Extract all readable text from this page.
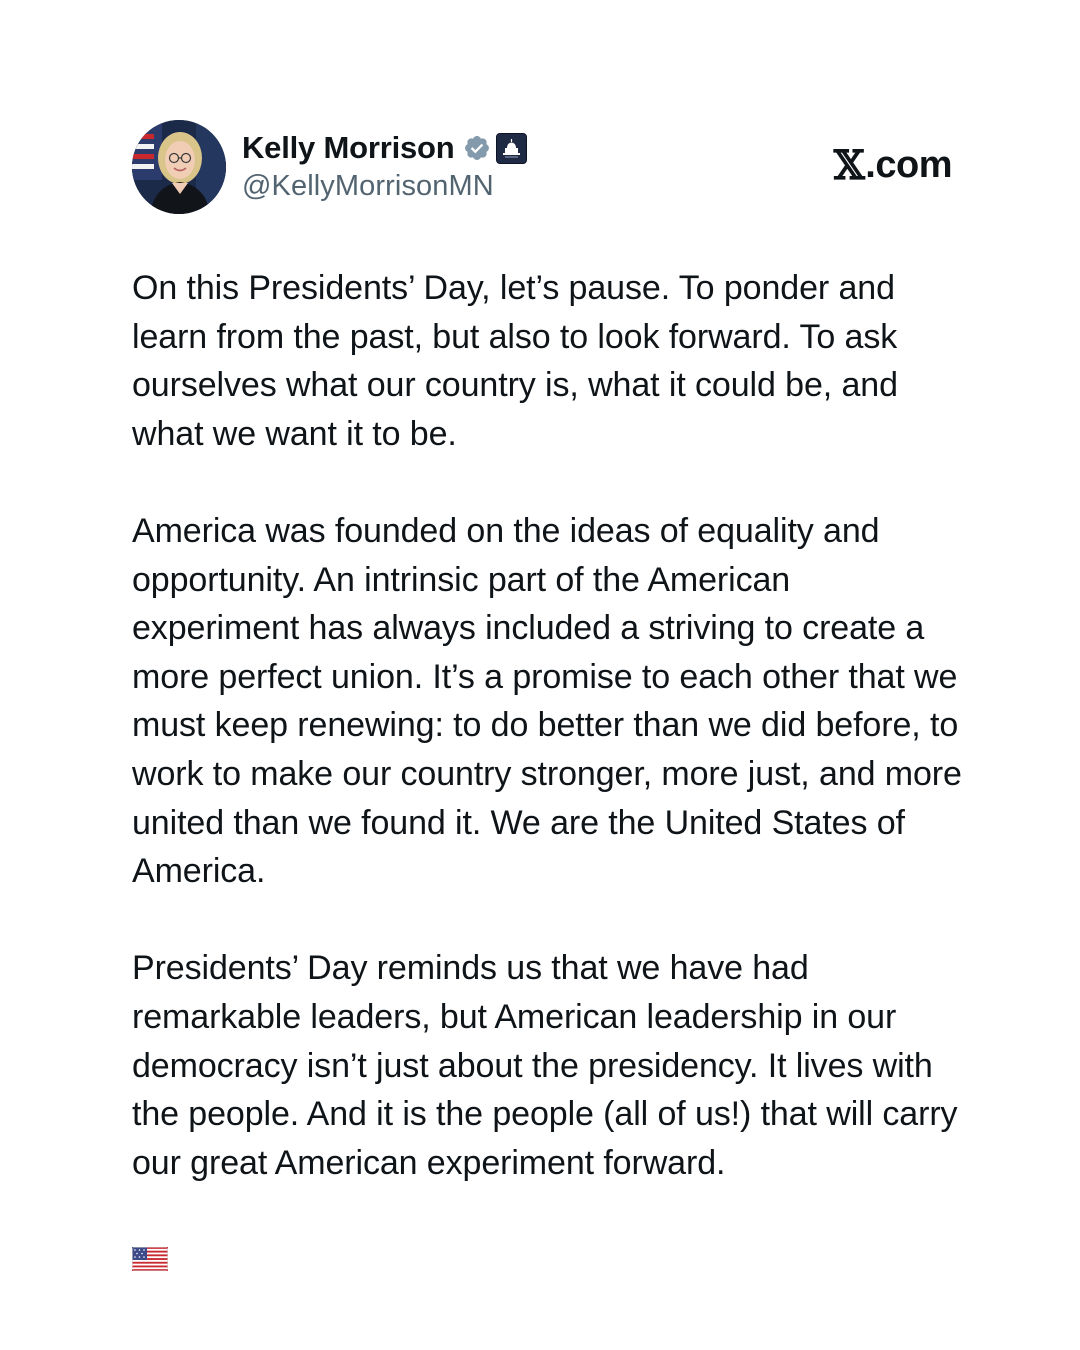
Kelly Morrison
@KellyMorrisonMN	𝕏 .com

On this Presidents’ Day, let’s pause. To ponder and learn from the past, but also to look forward. To ask ourselves what our country is, what it could be, and what we want it to be.

America was founded on the ideas of equality and opportunity. An intrinsic part of the American experiment has always included a striving to create a more perfect union. It’s a promise to each other that we must keep renewing: to do better than we did before, to work to make our country stronger, more just, and more united than we found it. We are the United States of America.

Presidents’ Day reminds us that we have had remarkable leaders, but American leadership in our democracy isn’t just about the presidency. It lives with the people. And it is the people (all of us!) that will carry our great American experiment forward.
